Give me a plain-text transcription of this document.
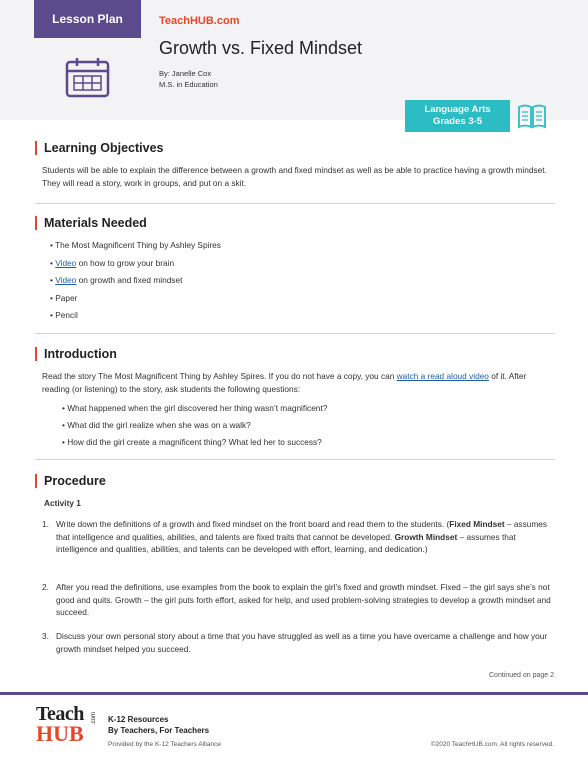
Lesson Plan	TeachHUB.com
Growth vs. Fixed Mindset
By: Janelle Cox
M.S. in Education
Language Arts
Grades 3-5
Learning Objectives
Students will be able to explain the difference between a growth and fixed mindset as well as be able to practice having a growth mindset. They will read a story, work in groups, and put on a skit.
Materials Needed
• The Most Magnificent Thing by Ashley Spires
• Video on how to grow your brain
• Video on growth and fixed mindset
• Paper
• Pencil
Introduction
Read the story The Most Magnificent Thing by Ashley Spires. If you do not have a copy, you can watch a read aloud video of it. After reading (or listening) to the story, ask students the following questions:
• What happened when the girl discovered her thing wasn’t magnificent?
• What did the girl realize when she was on a walk?
• How did the girl create a magnificent thing? What led her to success?
Procedure
Activity 1
1. Write down the definitions of a growth and fixed mindset on the front board and read them to the students. (Fixed Mindset – assumes that intelligence and qualities, abilities, and talents are fixed traits that cannot be developed. Growth Mindset – assumes that intelligence and qualities, abilities, and talents can be developed with effort, learning, and dedication.)
2. After you read the definitions, use examples from the book to explain the girl’s fixed and growth mindset. Fixed – the girl says she’s not good and quits. Growth – the girl puts forth effort, asked for help, and used problem-solving strategies to develop a growth mindset and succeed.
3. Discuss your own personal story about a time that you have struggled as well as a time you have overcame a challenge and how your growth mindset helped you succeed.
Continued on page 2
Teach
HUB
.com K-12 Resources
By Teachers, For Teachers
Provided by the K-12 Teachers Alliance	©2020 TeachHUB.com. All rights reserved.
